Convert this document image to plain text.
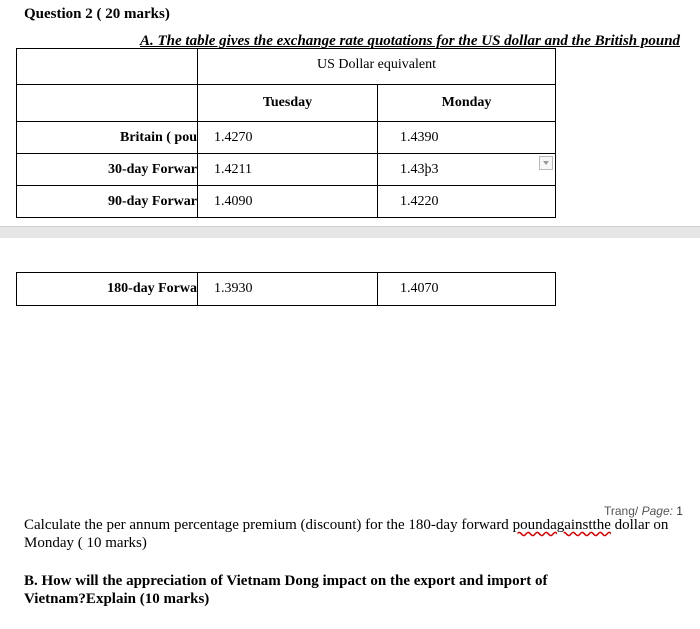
Question 2 ( 20 marks)
A. The table gives the exchange rate quotations for the US dollar and the British pound
	US Dollar equivalent	
	Tuesday	Monday
Britain ( pou	1.4270	1.4390
30-day Forwar	1.4211	1.43þ3
90-day Forwar	1.4090	1.4220
180-day Forwa	1.3930	1.4070
Trang/ Page: 1
Calculate the per annum percentage premium (discount) for the 180-day forward poundagainstthe dollar on Monday ( 10 marks)
B. How will the appreciation of Vietnam Dong impact on the export and import of Vietnam?Explain (10 marks)
